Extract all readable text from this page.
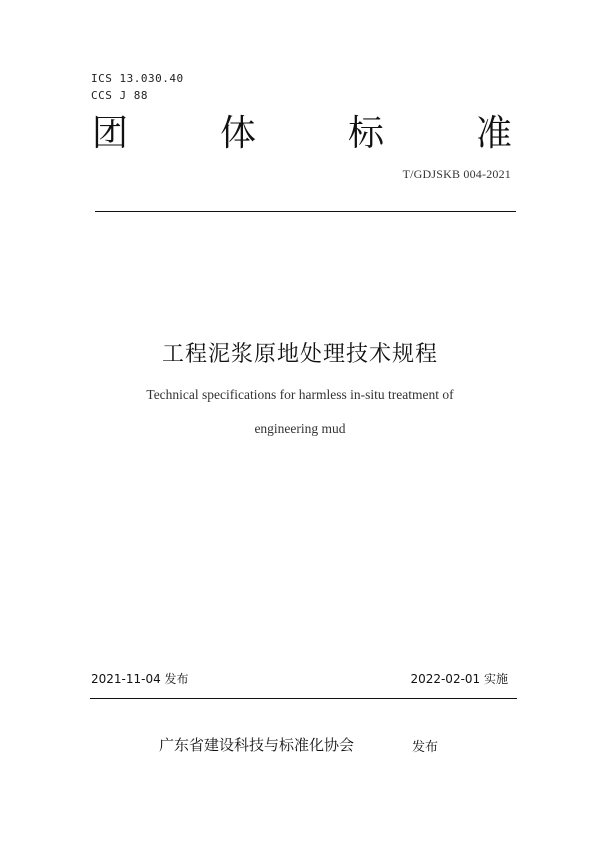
ICS 13.030.40
CCS J 88
团	体	标	准
T/GDJSKB 004-2021
工程泥浆原地处理技术规程
Technical specifications for harmless in-situ treatment of
engineering mud
2021-11-04 发布	2022-02-01 实施
广东省建设科技与标准化协会	发布
